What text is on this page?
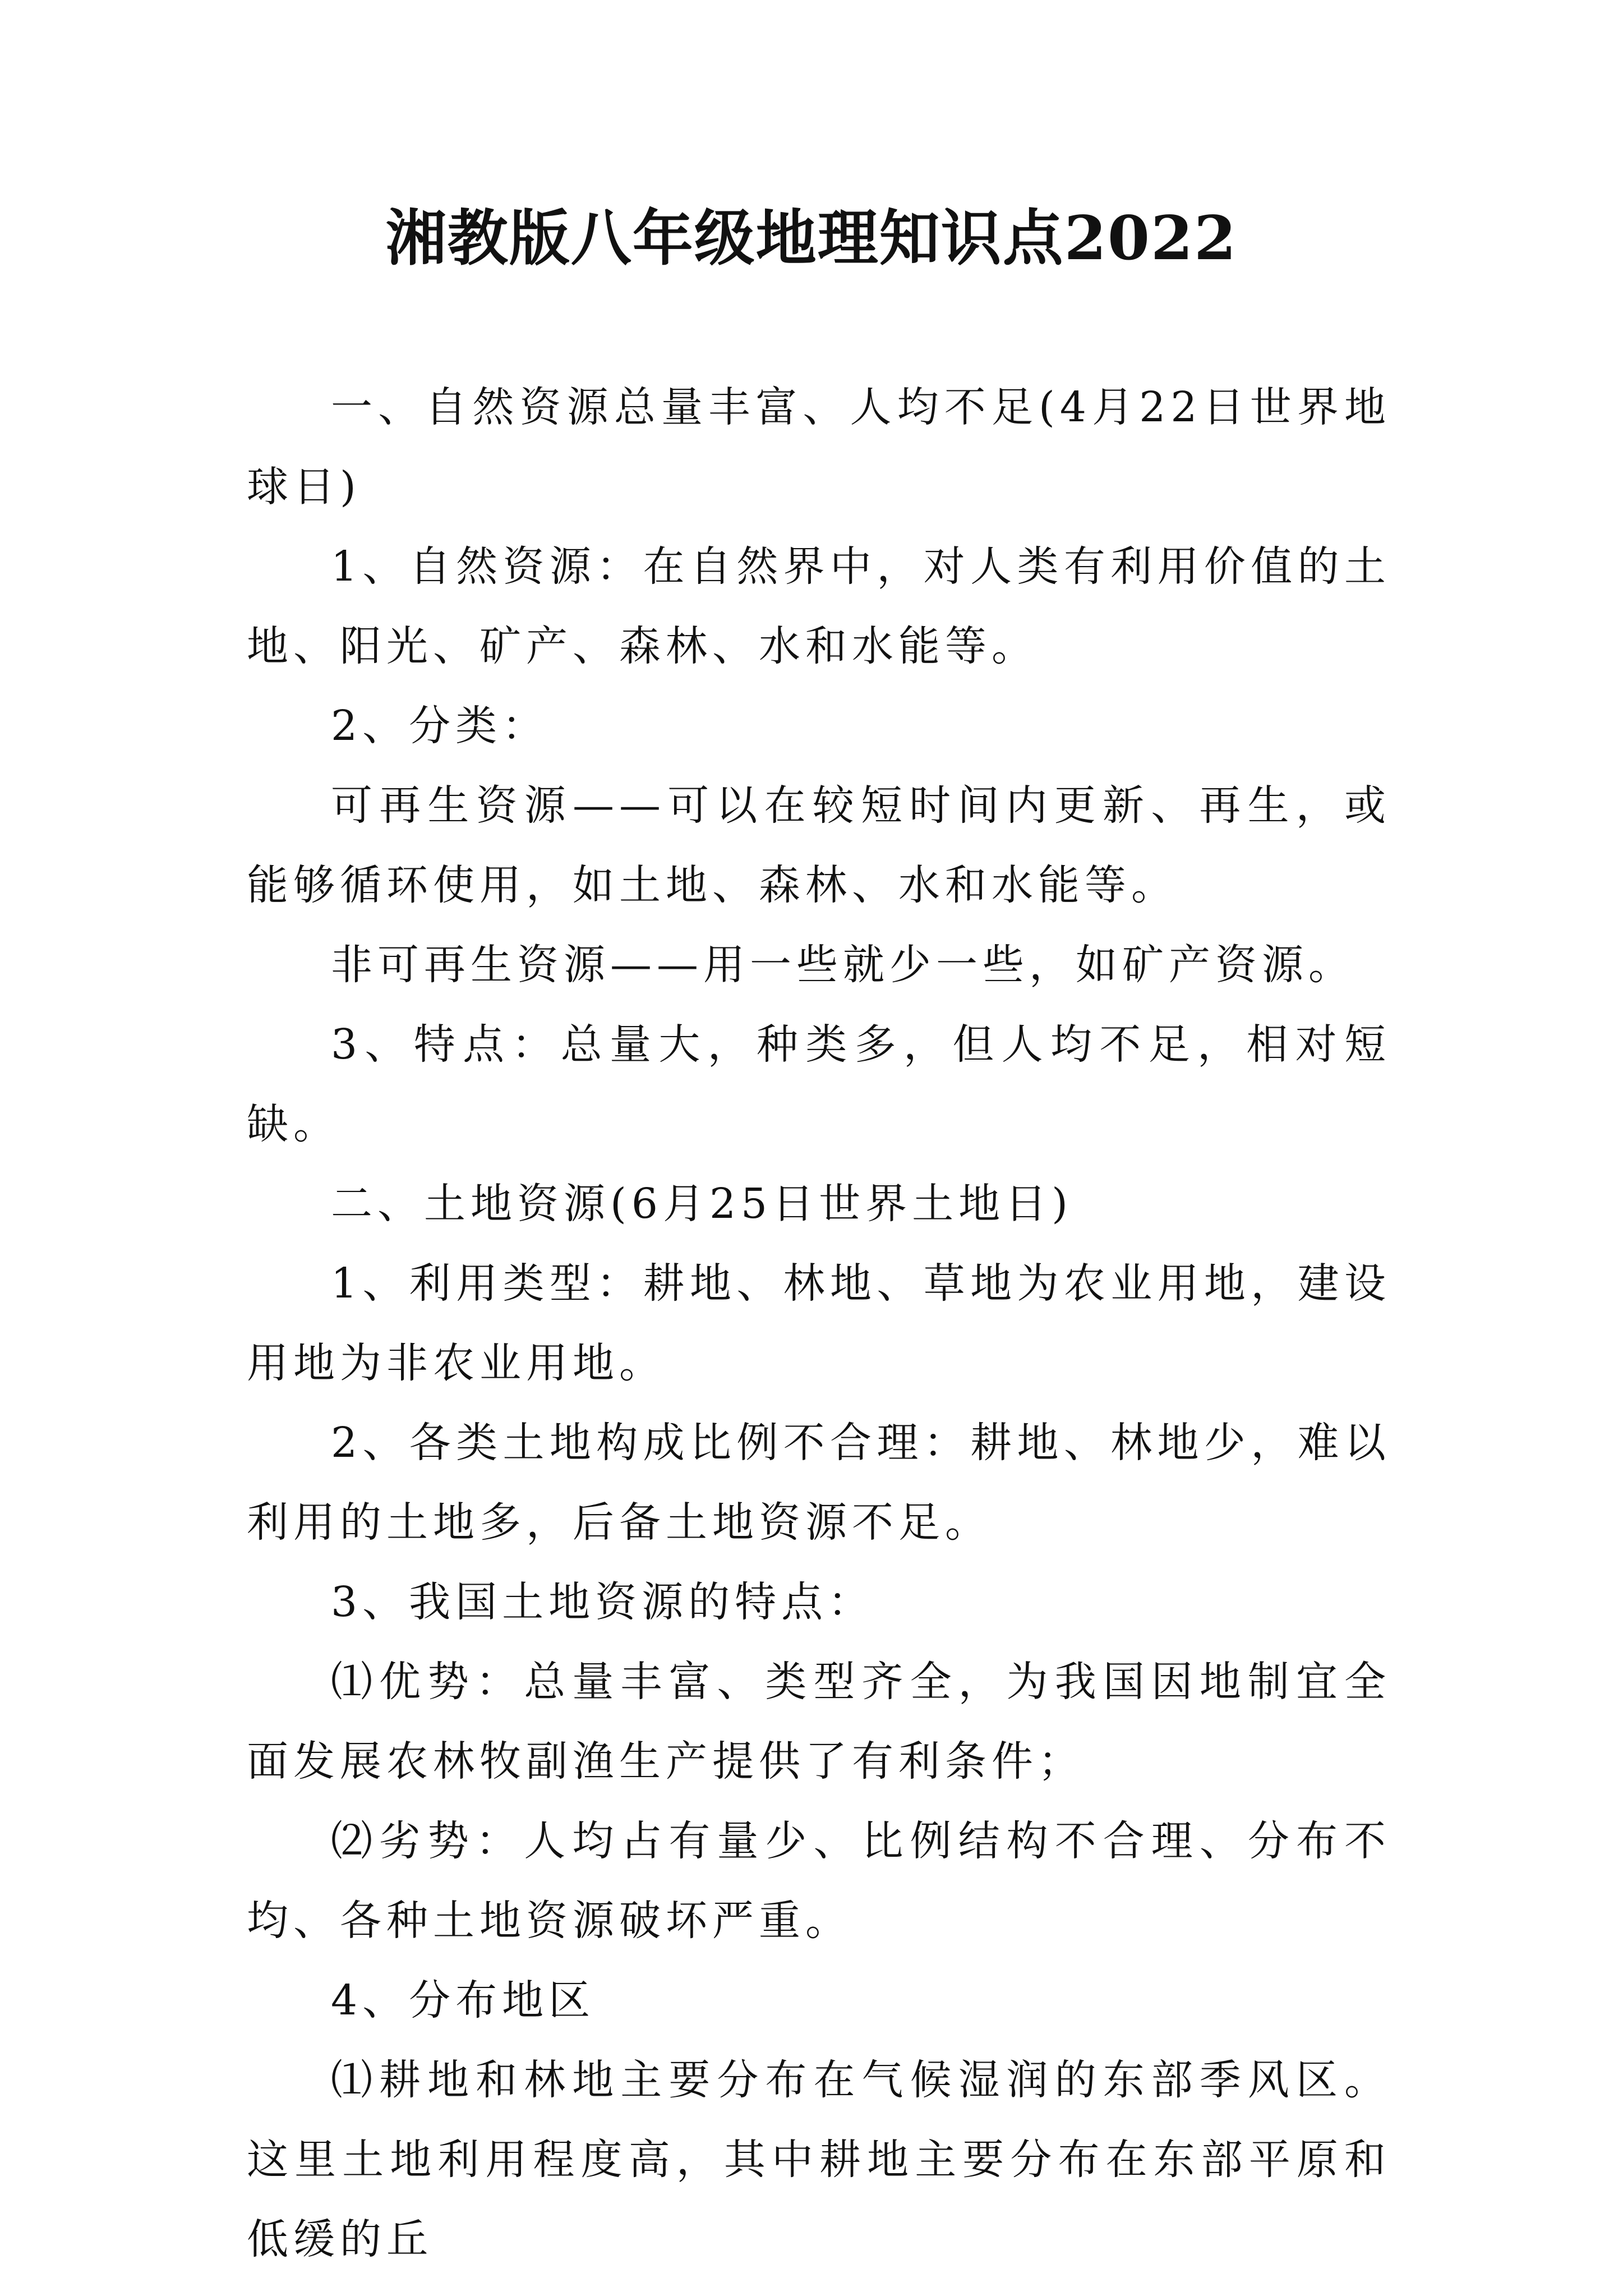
湘教版八年级地理知识点2022

一、自然资源总量丰富、人均不足(4月22日世界地球日)

1、自然资源：在自然界中，对人类有利用价值的土地、阳光、矿产、森林、水和水能等。

2、分类：

可再生资源——可以在较短时间内更新、再生，或能够循环使用，如土地、森林、水和水能等。

非可再生资源——用一些就少一些，如矿产资源。

3、特点：总量大，种类多，但人均不足，相对短缺。

二、土地资源(6月25日世界土地日)

1、利用类型：耕地、林地、草地为农业用地，建设用地为非农业用地。

2、各类土地构成比例不合理：耕地、林地少，难以利用的土地多，后备土地资源不足。

3、我国土地资源的特点：

⑴优势：总量丰富、类型齐全，为我国因地制宜全面发展农林牧副渔生产提供了有利条件；

⑵劣势：人均占有量少、比例结构不合理、分布不均、各种土地资源破坏严重。

4、分布地区

⑴耕地和林地主要分布在气候湿润的东部季风区。这里土地利用程度高，其中耕地主要分布在东部平原和低缓的丘
